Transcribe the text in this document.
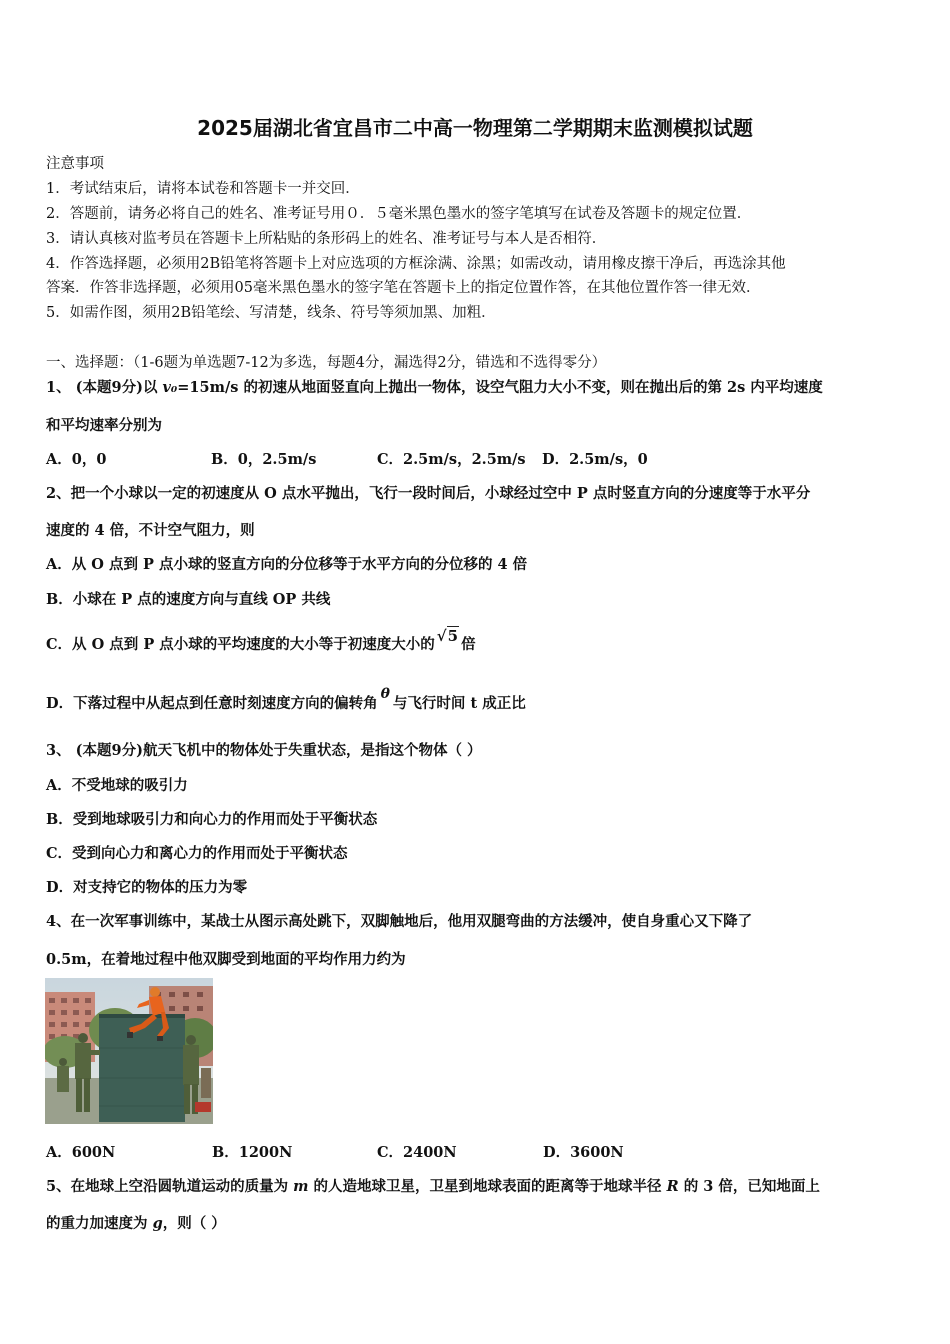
2025届湖北省宜昌市二中高一物理第二学期期末监测模拟试题
注意事项
1．考试结束后，请将本试卷和答题卡一并交回．
2．答题前，请务必将自己的姓名、准考证号用０．５毫米黑色墨水的签字笔填写在试卷及答题卡的规定位置．
3．请认真核对监考员在答题卡上所粘贴的条形码上的姓名、准考证号与本人是否相符．
4．作答选择题，必须用2B铅笔将答题卡上对应选项的方框涂满、涂黑；如需改动，请用橡皮擦干净后，再选涂其他
答案．作答非选择题，必须用05毫米黑色墨水的签字笔在答题卡上的指定位置作答，在其他位置作答一律无效．
5．如需作图，须用2B铅笔绘、写清楚，线条、符号等须加黑、加粗．
一、选择题：（1-6题为单选题7-12为多选，每题4分，漏选得2分，错选和不选得零分）
1、 (本题9分)以 v₀=15m/s 的初速从地面竖直向上抛出一物体，设空气阻力大小不变，则在抛出后的第 2s 内平均速度
和平均速率分别为
A．0，0	B．0，2.5m/s	C．2.5m/s，2.5m/s D．2.5m/s，0
2、把一个小球以一定的初速度从 O 点水平抛出，飞行一段时间后，小球经过空中 P 点时竖直方向的分速度等于水平分
速度的 4 倍，不计空气阻力，则
A．从 O 点到 P 点小球的竖直方向的分位移等于水平方向的分位移的 4 倍
B．小球在 P 点的速度方向与直线 OP 共线
C．从 O 点到 P 点小球的平均速度的大小等于初速度大小的 √5 倍
D．下落过程中从起点到任意时刻速度方向的偏转角θ与飞行时间 t 成正比
3、 (本题9分)航天飞机中的物体处于失重状态，是指这个物体（ ）
A．不受地球的吸引力
B．受到地球吸引力和向心力的作用而处于平衡状态
C．受到向心力和离心力的作用而处于平衡状态
D．对支持它的物体的压力为零
4、在一次军事训练中，某战士从图示高处跳下，双脚触地后，他用双腿弯曲的方法缓冲，使自身重心又下降了
0.5m，在着地过程中他双脚受到地面的平均作用力约为
A．600N	B．1200N	C．2400N	D．3600N
5、在地球上空沿圆轨道运动的质量为 m 的人造地球卫星，卫星到地球表面的距离等于地球半径 R 的 3 倍，已知地面上
的重力加速度为 g，则（ ）
